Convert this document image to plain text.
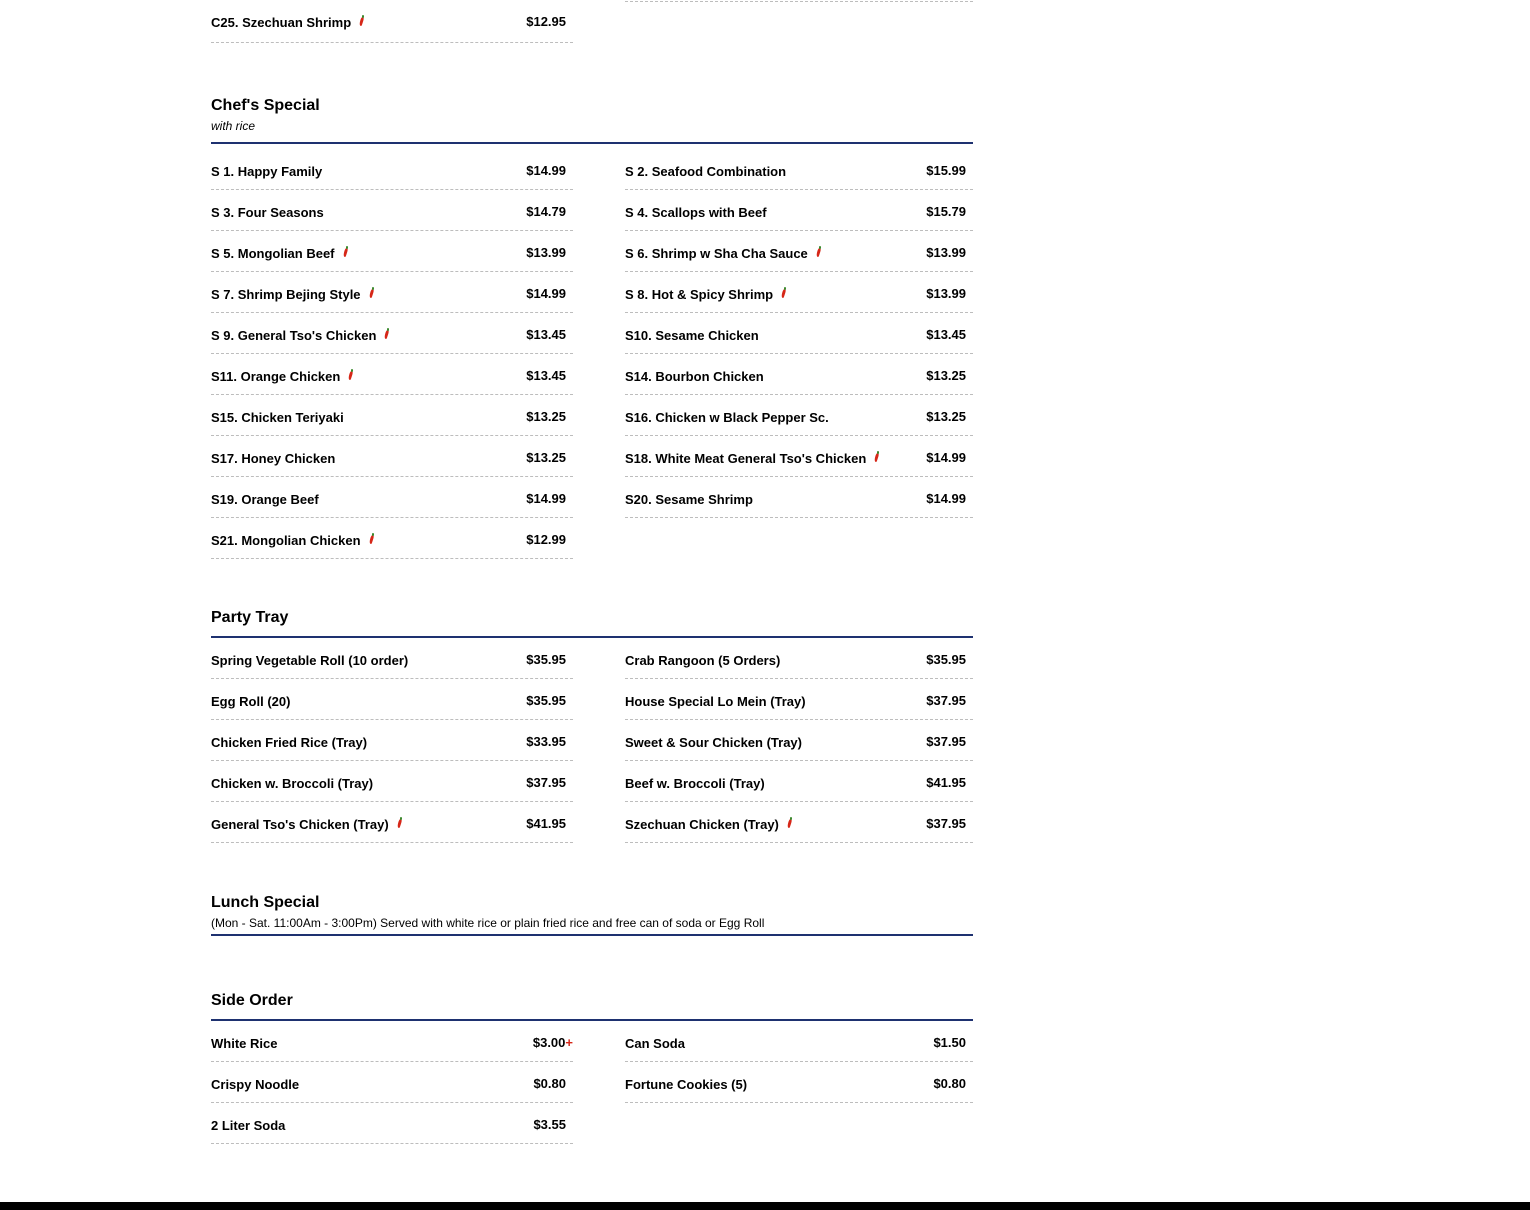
C25. Szechuan Shrimp	$12.95
Chef's Special
with rice
S 1. Happy Family	$14.99
S 3. Four Seasons	$14.79
S 5. Mongolian Beef	$13.99
S 7. Shrimp Bejing Style	$14.99
S 9. General Tso's Chicken	$13.45
S11. Orange Chicken	$13.45
S15. Chicken Teriyaki	$13.25
S17. Honey Chicken	$13.25
S19. Orange Beef	$14.99
S21. Mongolian Chicken	$12.99
S 2. Seafood Combination	$15.99
S 4. Scallops with Beef	$15.79
S 6. Shrimp w Sha Cha Sauce	$13.99
S 8. Hot & Spicy Shrimp	$13.99
S10. Sesame Chicken	$13.45
S14. Bourbon Chicken	$13.25
S16. Chicken w Black Pepper Sc.	$13.25
S18. White Meat General Tso's Chicken	$14.99
S20. Sesame Shrimp	$14.99
Party Tray
Spring Vegetable Roll (10 order)	$35.95
Egg Roll (20)	$35.95
Chicken Fried Rice (Tray)	$33.95
Chicken w. Broccoli (Tray)	$37.95
General Tso's Chicken (Tray)	$41.95
Crab Rangoon (5 Orders)	$35.95
House Special Lo Mein (Tray)	$37.95
Sweet & Sour Chicken (Tray)	$37.95
Beef w. Broccoli (Tray)	$41.95
Szechuan Chicken (Tray)	$37.95
Lunch Special
(Mon - Sat. 11:00Am - 3:00Pm) Served with white rice or plain fried rice and free can of soda or Egg Roll
Side Order
White Rice	$3.00+
Crispy Noodle	$0.80
2 Liter Soda	$3.55
Can Soda	$1.50
Fortune Cookies (5)	$0.80
